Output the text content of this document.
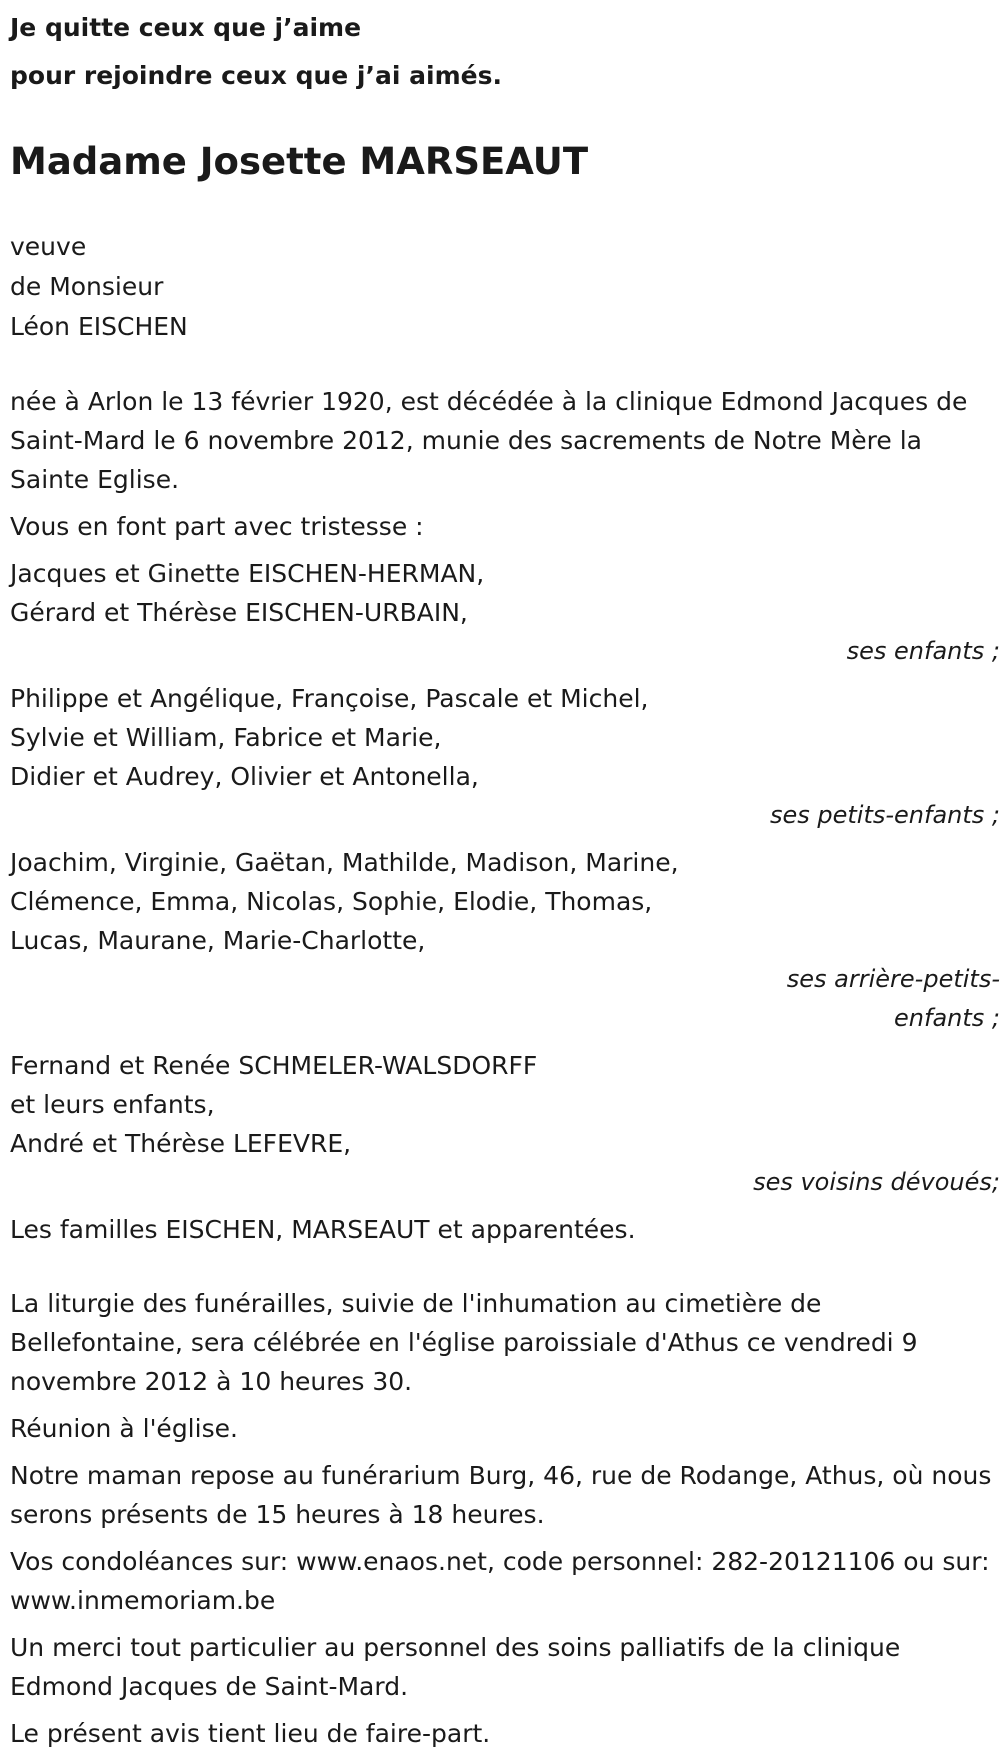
Je quitte ceux que j’aime
pour rejoindre ceux que j’ai aimés.
Madame Josette MARSEAUT
veuve
de Monsieur
Léon EISCHEN

née à Arlon le 13 février 1920, est décédée à la clinique Edmond Jacques de Saint-Mard le 6 novembre 2012, munie des sacrements de Notre Mère la Sainte Eglise.

Vous en font part avec tristesse :

Jacques et Ginette EISCHEN-HERMAN,
Gérard et Thérèse EISCHEN-URBAIN,
ses enfants ;
Philippe et Angélique, Françoise, Pascale et Michel,
Sylvie et William, Fabrice et Marie,
Didier et Audrey, Olivier et Antonella,
ses petits-enfants ;
Joachim, Virginie, Gaëtan, Mathilde, Madison, Marine,
Clémence, Emma, Nicolas, Sophie, Elodie, Thomas,
Lucas, Maurane, Marie-Charlotte,
ses arrière-petits-
enfants ;
Fernand et Renée SCHMELER-WALSDORFF
et leurs enfants,
André et Thérèse LEFEVRE,
ses voisins dévoués;

Les familles EISCHEN, MARSEAUT et apparentées.

La liturgie des funérailles, suivie de l'inhumation au cimetière de Bellefontaine, sera célébrée en l'église paroissiale d'Athus ce vendredi 9 novembre 2012 à 10 heures 30.

Réunion à l'église.

Notre maman repose au funérarium Burg, 46, rue de Rodange, Athus, où nous serons présents de 15 heures à 18 heures.

Vos condoléances sur: www.enaos.net, code personnel: 282-20121106 ou sur: www.inmemoriam.be

Un merci tout particulier au personnel des soins palliatifs de la clinique Edmond Jacques de Saint-Mard.

Le présent avis tient lieu de faire-part.
